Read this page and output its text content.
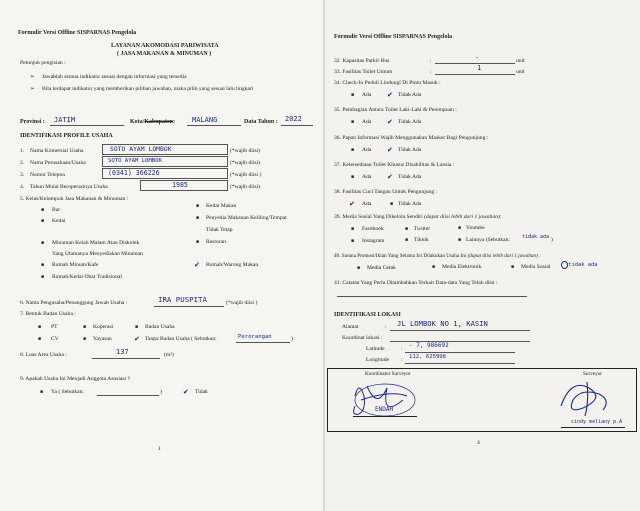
Formulir Versi Offline SISPARNAS Pengelola
LAYANAN AKOMODASI PARIWISATA
( JASA MAKANAN & MINUMAN )
Petunjuk pengisian :
➢ Jawablah semua indikator sesuai dengan informasi yang tersedia
➢ Bila terdapat indikator yang memberikan pilihan jawaban, maka pilih yang sesuai lalu lingkari
Provinsi : JATIM	Kota/Kabupaten: MALANG	Data Tahun : 2022
IDENTIFIKASI PROFILE USAHA
1. Nama Komersial Usaha	SOTO AYAM LOMBOK	(*wajib diisi)
2. Nama Perusahaan/Usaha	SOTO AYAM LOMBOK	(*wajib diisi)
3. Nomor Telepon	(0341) 366226	(*wajib diisi )
4. Tahun Mulai Beroperasinya Usaha	1985	(*wajib diisi)
5. Kelas/Kelompok Jasa Makanan & Minuman :
■ Bar
■ Kedai
■ Kedai Makan
■ Penyedia Makanan Keliling/Tempat
Tidak Tetap
■ Restoran
■ Minuman Kelab Malam Atau Diskotek
Yang Utamanya Menyediakan Minuman
■ Rumah Minum/Kafe	✔ Rumah/Warung Makan
■ Rumah/Kedai Obat Tradisional
6. Nama Pengusaha/Penanggung Jawab Usaha :	IRA PUSPITA	(*wajib diisi )
7. Bentuk Badan Usaha :
■ PT	■ Koperasi	■ Badan Usaha
■ CV	■ Yayasan	✔ Tanpa Badan Usaha ( Sebutkan:	Perorangan	)
8. Luas Area Usaha :	137	(m²)
9. Apakah Usaha Ini Menjadi Anggota Asosiasi ?
■ Ya ( Sebutkan:	)	✔ Tidak
1
Formulir Versi Offline SISPARNAS Pengelola
32. Kapasitas Parkir Bus	:	-	unit
33. Fasilitas Toilet Umum	:	1	unit
34. Check-In Peduli Lindungi Di Pintu Masuk :
■ Ada ✔ Tidak Ada
35. Pembagian Antara Toilet Laki-Laki & Perempuan :
■ Ada ✔ Tidak Ada
36. Papan Informasi Wajib Menggunakan Masker Bagi Pengunjung :
■ Ada ✔ Tidak Ada
37. Ketersediaan Toilet Khusus Disabilitas & Lansia :
■ Ada ✔ Tidak Ada
38. Fasilitas Cuci Tangan Untuk Pengunjung :
✔ Ada	■ Tidak Ada
39. Media Sosial Yang Dikelola Sendiri (dapat diisi lebih dari 1 jawaban):
■ Facebook	■ Twitter	■ Youtube
■ Instagram	■ Tiktok	■ Lainnya (Sebutkan: tidak ada )
40. Sarana Promosi/Iklan Yang Selama Ini Dilakukan Usaha Ini (dapat diisi lebih dari 1 jawaban) :
■ Media Cetak	■ Media Elektronik	■ Media Sosial	tidak ada
41. Catatan Yang Perlu Ditambahkan Terkait Data-data Yang Telah diisi :
IDENTIFIKASI LOKASI
Alamat	: JL LOMBOK NO 1, KASIN
Koordinat lokasi :
Latitude	: - 7, 986692
Longitude : 112, 625998
Koordinator Surveyor	Surveyor
ENDAH
cindy meliany p.A
4
